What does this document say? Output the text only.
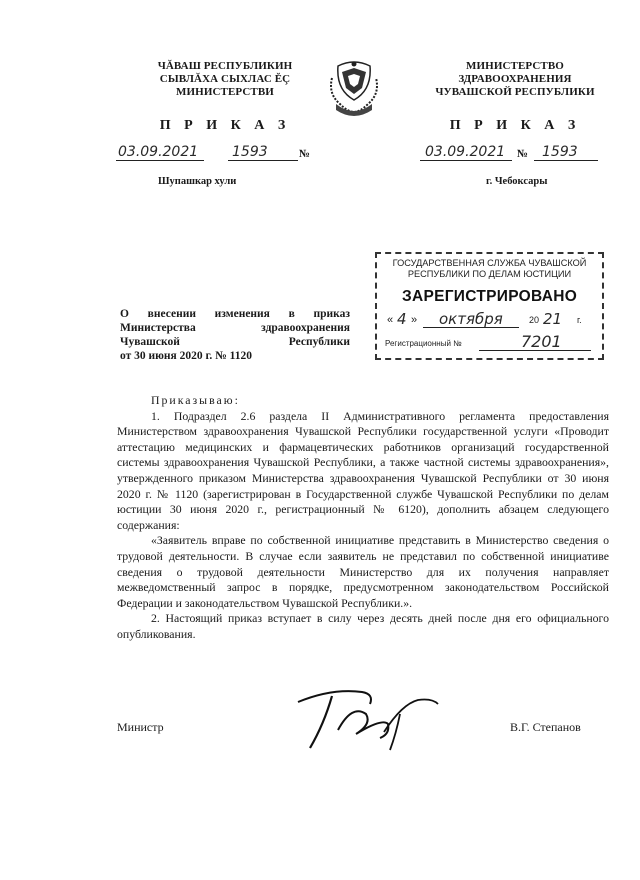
ЧĂВАШ РЕСПУБЛИКИН
СЫВЛĂХА СЫХЛАС ĔÇ
МИНИСТЕРСТВИ
П Р И К А З
03.09.2021 1593	№
Шупашкар хули
МИНИСТЕРСТВО
ЗДРАВООХРАНЕНИЯ
ЧУВАШСКОЙ РЕСПУБЛИКИ
П Р И К А З
03.09.2021 № 1593
г. Чебоксары
ГОСУДАРСТВЕННАЯ СЛУЖБА ЧУВАШСКОЙ
РЕСПУБЛИКИ ПО ДЕЛАМ ЮСТИЦИИ
ЗАРЕГИСТРИРОВАНО
« 4 » октября	20 21 г.
Регистрационный №	7201
О внесении изменения в приказ
Министерства здравоохранения
Чувашской Республики
от 30 июня 2020 г. № 1120

Приказываю:

1. Подраздел 2.6 раздела II Административного регламента предоставления Министерством здравоохранения Чувашской Республики государственной услуги «Проводит аттестацию медицинских и фармацевтических работников организаций государственной системы здравоохранения Чувашской Республики, а также частной системы здравоохранения», утвержденного приказом Министерства здравоохранения Чувашской Республики от 30 июня 2020 г. № 1120 (зарегистрирован в Государственной службе Чувашской Республики по делам юстиции 30 июня 2020 г., регистрационный № 6120), дополнить абзацем следующего содержания:

«Заявитель вправе по собственной инициативе представить в Министерство сведения о трудовой деятельности. В случае если заявитель не представил по собственной инициативе сведения о трудовой деятельности Министерство для их получения направляет межведомственный запрос в порядке, предусмотренном законодательством Российской Федерации и законодательством Чувашской Республики.».

2. Настоящий приказ вступает в силу через десять дней после дня его официального опубликования.

Министр	В.Г. Степанов
